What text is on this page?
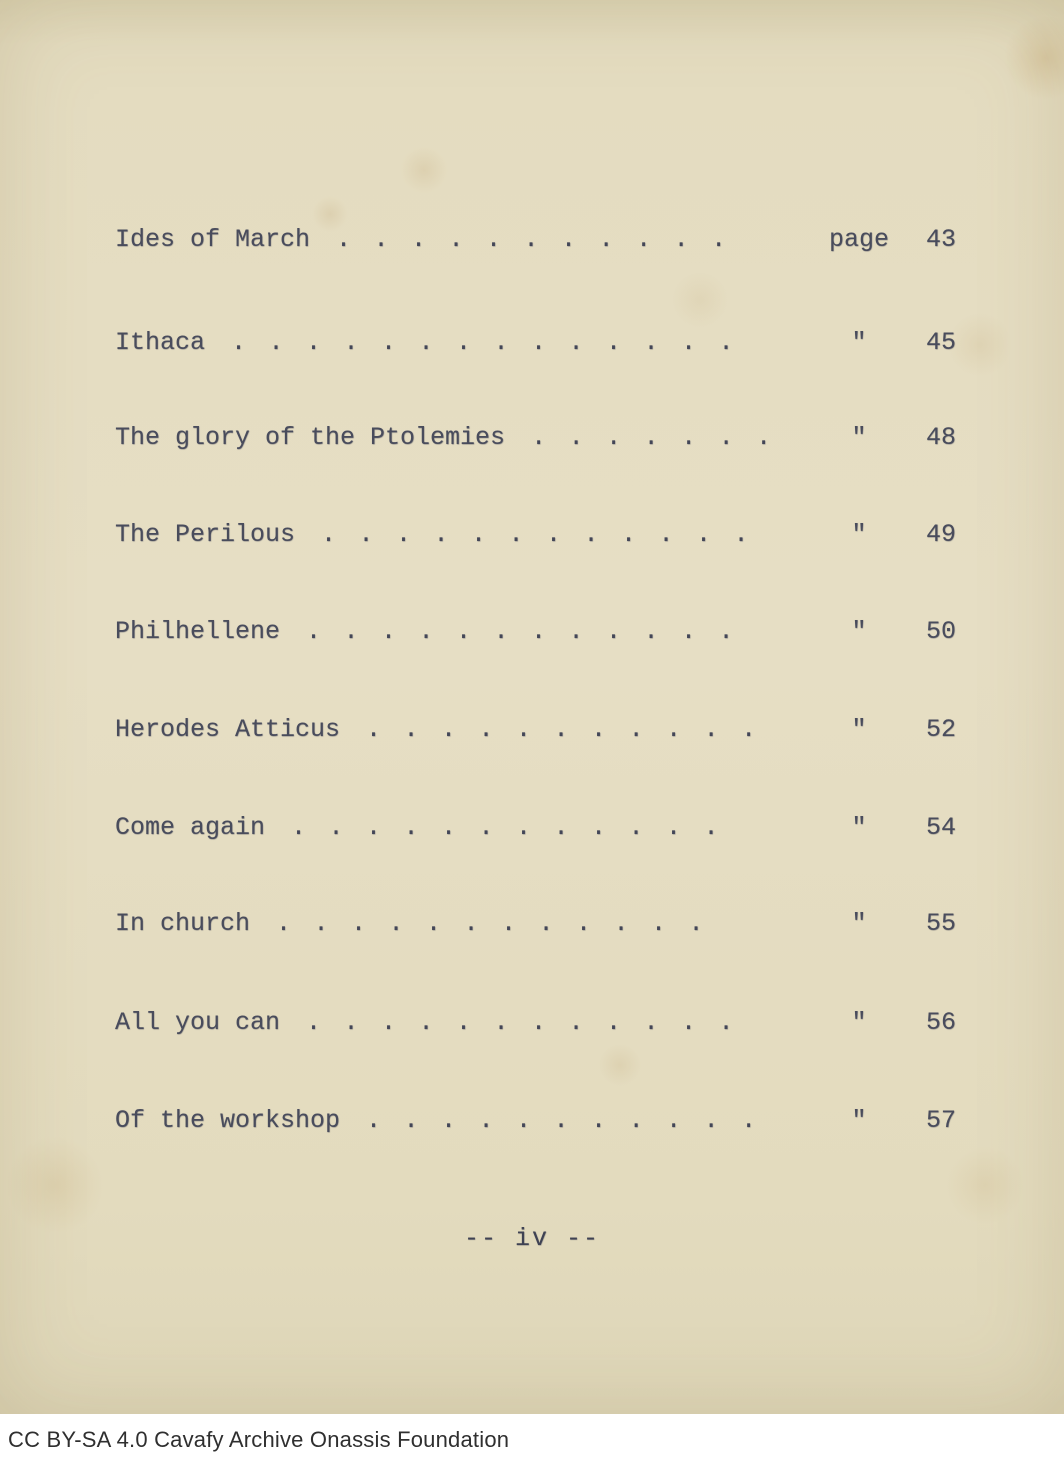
Ides of March ...........	page	43
Ithaca ..............	"	45
The glory of the Ptolemies .......	"	48
The Perilous ............	"	49
Philhellene ............	"	50
Herodes Atticus ...........	"	52
Come again ............	"	54
In church ............	"	55
All you can ............	"	56
Of the workshop ...........	"	57
-- iv --
CC BY-SA 4.0 Cavafy Archive Onassis Foundation
